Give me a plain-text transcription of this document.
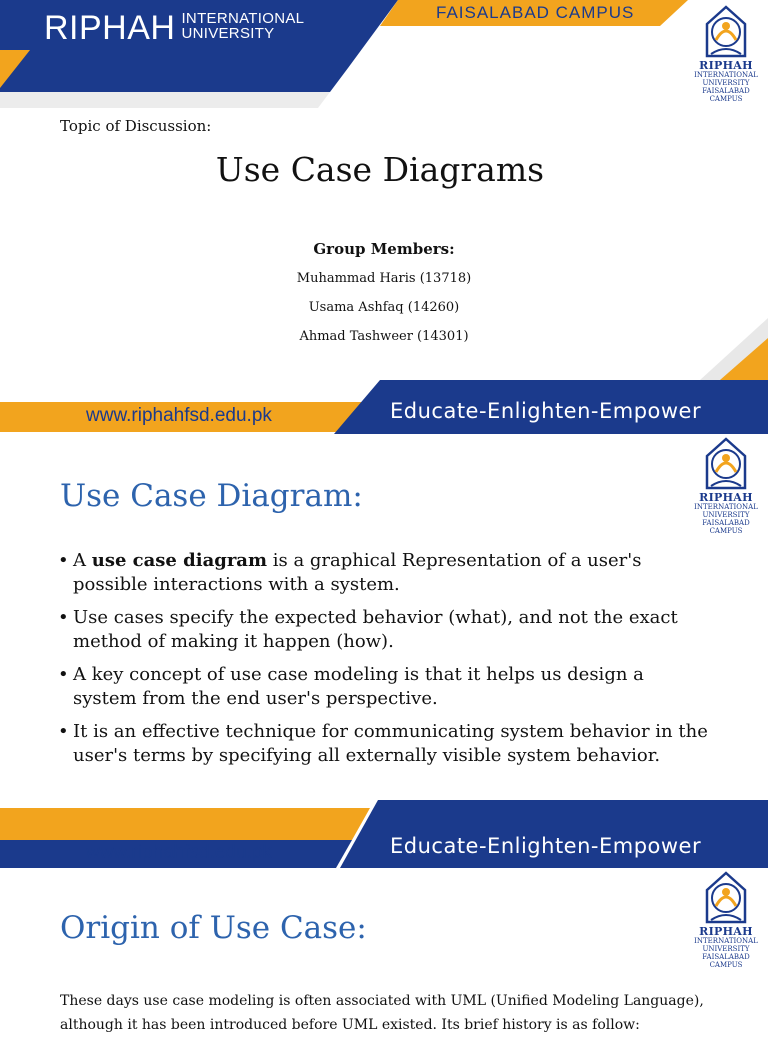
RIPHAH INTERNATIONAL
UNIVERSITY
FAISALABAD CAMPUS
RIPHAH
INTERNATIONAL
UNIVERSITY
FAISALABAD CAMPUS
Topic of Discussion:
Use Case Diagrams
Group Members:
Muhammad Haris (13718)
Usama Ashfaq (14260)
Ahmad Tashweer (14301)
www.riphahfsd.edu.pk	Educate-Enlighten-Empower
RIPHAH
INTERNATIONAL
UNIVERSITY
FAISALABAD CAMPUS
Use Case Diagram:
• A use case diagram is a graphical Representation of a user's possible interactions with a system.
• Use cases specify the expected behavior (what), and not the exact method of making it happen (how).
• A key concept of use case modeling is that it helps us design a system from the end user's perspective.
• It is an effective technique for communicating system behavior in the user's terms by specifying all externally visible system behavior.
www.riphahfsd.edu.pk	Educate-Enlighten-Empower
RIPHAH
INTERNATIONAL
UNIVERSITY
FAISALABAD CAMPUS
Origin of Use Case:
These days use case modeling is often associated with UML (Unified Modeling Language), although it has been introduced before UML existed. Its brief history is as follow:
